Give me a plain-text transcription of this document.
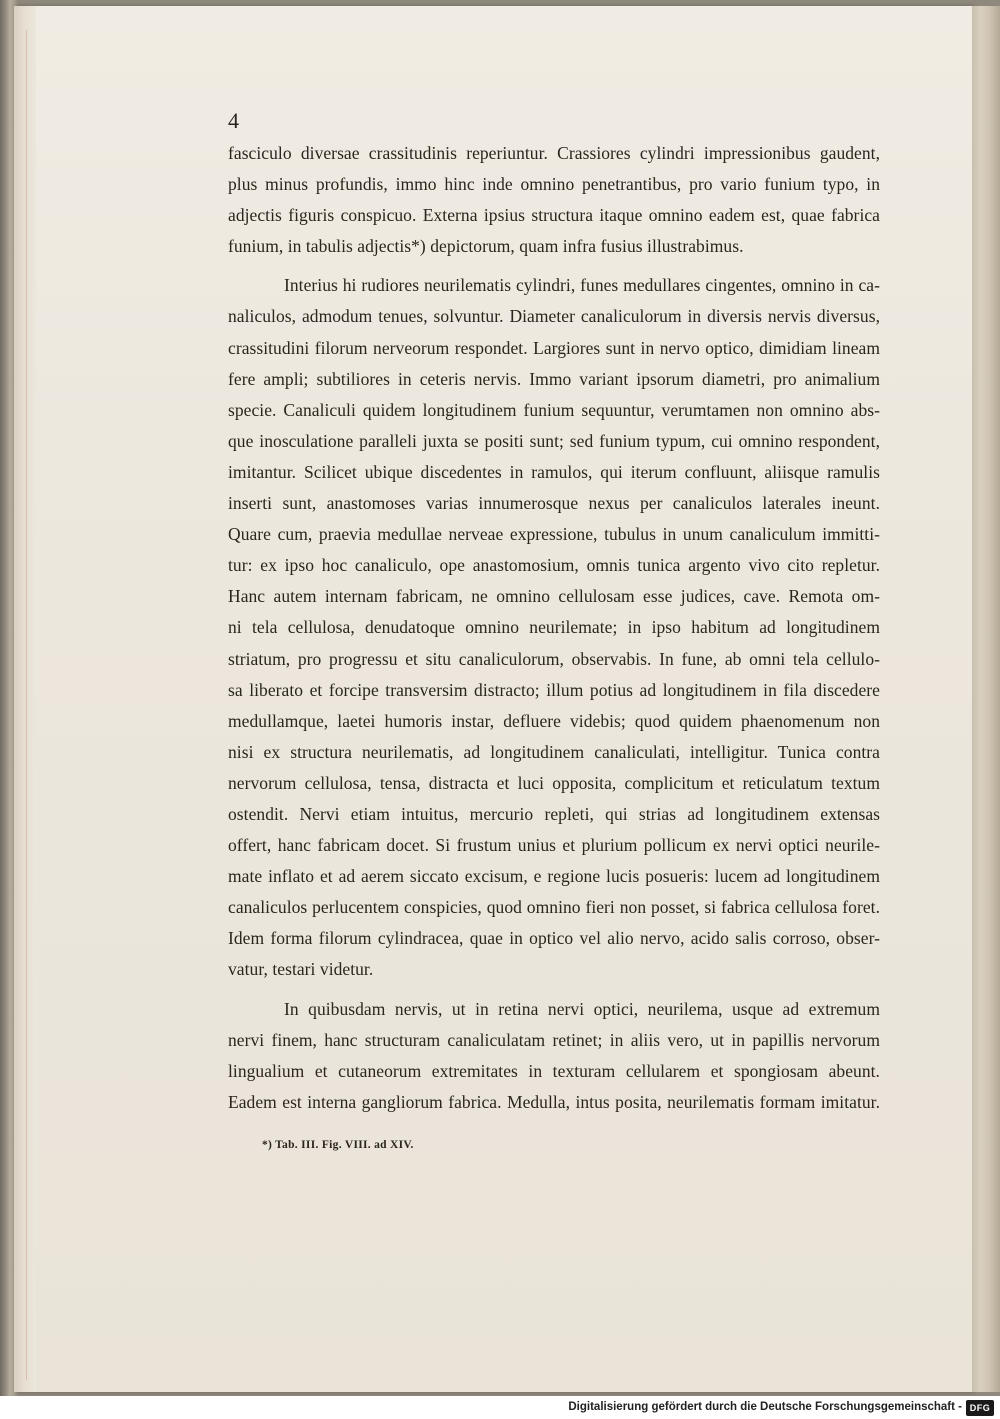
4
fasciculo diversae crassitudinis reperiuntur. Crassiores cylindri impressionibus gaudent,
plus minus profundis, immo hinc inde omnino penetrantibus, pro vario funium typo, in
adjectis figuris conspicuo. Externa ipsius structura itaque omnino eadem est, quae fabrica
funium, in tabulis adjectis*) depictorum, quam infra fusius illustrabimus.
Interius hi rudiores neurilematis cylindri, funes medullares cingentes, omnino in ca-
naliculos, admodum tenues, solvuntur. Diameter canaliculorum in diversis nervis diversus,
crassitudini filorum nerveorum respondet. Largiores sunt in nervo optico, dimidiam lineam
fere ampli; subtiliores in ceteris nervis. Immo variant ipsorum diametri, pro animalium
specie. Canaliculi quidem longitudinem funium sequuntur, verumtamen non omnino abs-
que inosculatione paralleli juxta se positi sunt; sed funium typum, cui omnino respondent,
imitantur. Scilicet ubique discedentes in ramulos, qui iterum confluunt, aliisque ramulis
inserti sunt, anastomoses varias innumerosque nexus per canaliculos laterales ineunt.
Quare cum, praevia medullae nerveae expressione, tubulus in unum canaliculum immitti-
tur: ex ipso hoc canaliculo, ope anastomosium, omnis tunica argento vivo cito repletur.
Hanc autem internam fabricam, ne omnino cellulosam esse judices, cave. Remota om-
ni tela cellulosa, denudatoque omnino neurilemate; in ipso habitum ad longitudinem
striatum, pro progressu et situ canaliculorum, observabis. In fune, ab omni tela cellulo-
sa liberato et forcipe transversim distracto; illum potius ad longitudinem in fila discedere
medullamque, laetei humoris instar, defluere videbis; quod quidem phaenomenum non
nisi ex structura neurilematis, ad longitudinem canaliculati, intelligitur. Tunica contra
nervorum cellulosa, tensa, distracta et luci opposita, complicitum et reticulatum textum
ostendit. Nervi etiam intuitus, mercurio repleti, qui strias ad longitudinem extensas
offert, hanc fabricam docet. Si frustum unius et plurium pollicum ex nervi optici neurile-
mate inflato et ad aerem siccato excisum, e regione lucis posueris: lucem ad longitudinem
canaliculos perlucentem conspicies, quod omnino fieri non posset, si fabrica cellulosa foret.
Idem forma filorum cylindracea, quae in optico vel alio nervo, acido salis corroso, obser-
vatur, testari videtur.
In quibusdam nervis, ut in retina nervi optici, neurilema, usque ad extremum
nervi finem, hanc structuram canaliculatam retinet; in aliis vero, ut in papillis nervorum
lingualium et cutaneorum extremitates in texturam cellularem et spongiosam abeunt.
Eadem est interna gangliorum fabrica. Medulla, intus posita, neurilematis formam imitatur.
*) Tab. III. Fig. VIII. ad XIV.
Digitalisierung gefördert durch die Deutsche Forschungsgemeinschaft - DFG
